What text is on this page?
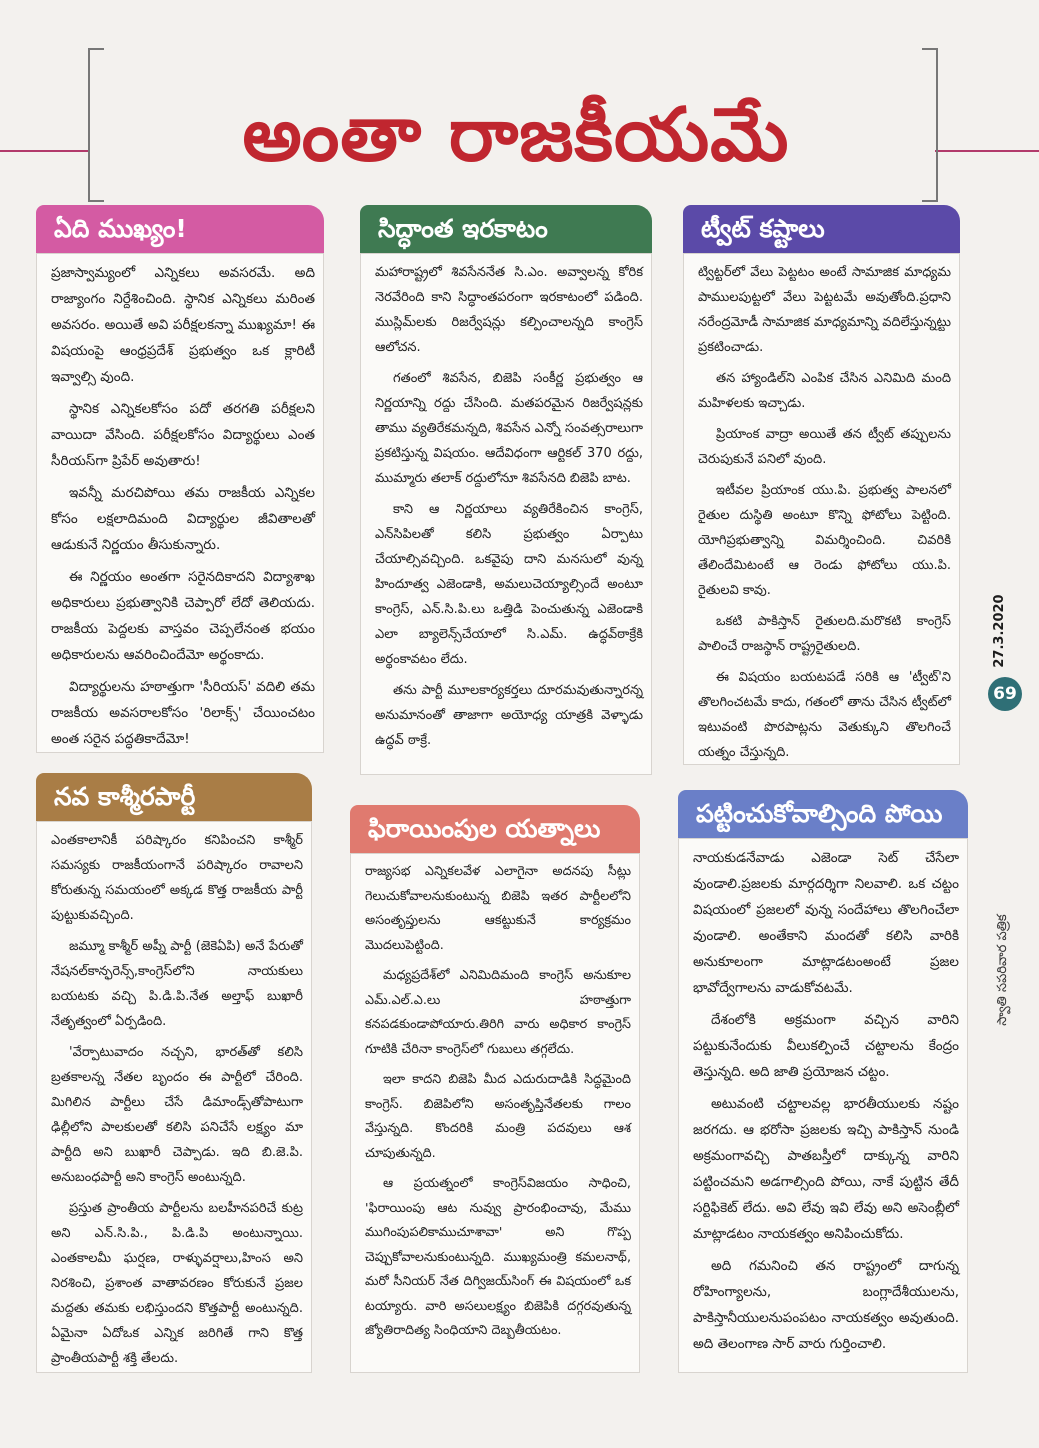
అంతా రాజకీయమే
ఏది ముఖ్యం!

ప్రజాస్వామ్యంలో ఎన్నికలు అవసరమే. అది రాజ్యాంగం నిర్దేశించింది. స్థానిక ఎన్నికలు మరింత అవసరం. అయితే అవి పరీక్షలకన్నా ముఖ్యమా! ఈ విషయంపై ఆంధ్రప్రదేశ్ ప్రభుత్వం ఒక క్లారిటీ ఇవ్వాల్సి వుంది.

స్థానిక ఎన్నికలకోసం పదో తరగతి పరీక్షలని వాయిదా వేసింది. పరీక్షలకోసం విద్యార్థులు ఎంత సీరియస్‌గా ప్రిపేర్ అవుతారు!

ఇవన్నీ మరచిపోయి తమ రాజకీయ ఎన్నికల కోసం లక్షలాదిమంది విద్యార్థుల జీవితాలతో ఆడుకునే నిర్ణయం తీసుకున్నారు.

ఈ నిర్ణయం అంతగా సరైనదికాదని విద్యాశాఖ అధికారులు ప్రభుత్వానికి చెప్పారో లేదో తెలియదు. రాజకీయ పెద్దలకు వాస్తవం చెప్పలేనంత భయం అధికారులను ఆవరించిందేమో అర్థంకాదు.

విద్యార్థులను హఠాత్తుగా 'సీరియస్' వదిలి తమ రాజకీయ అవసరాలకోసం 'రిలాక్స్' చేయించటం అంత సరైన పద్ధతికాదేమో!

సిద్ధాంత ఇరకాటం

మహారాష్ట్రలో శివసేననేత సి.ఎం. అవ్వాలన్న కోరిక నెరవేరింది కాని సిద్ధాంతపరంగా ఇరకాటంలో పడింది. ముస్లిమ్‌లకు రిజర్వేషన్లు కల్పించాలన్నది కాంగ్రెస్ ఆలోచన.

గతంలో శివసేన, బిజెపి సంకీర్ణ ప్రభుత్వం ఆ నిర్ణయాన్ని రద్దు చేసింది. మతపరమైన రిజర్వేషన్లకు తాము వ్యతిరేకమన్నది, శివసేన ఎన్నో సంవత్సరాలుగా ప్రకటిస్తున్న విషయం. ఆదేవిధంగా ఆర్టికల్ 370 రద్దు, ముమ్మారు తలాక్ రద్దులోనూ శివసేనది బిజెపి బాట.

కాని ఆ నిర్ణయాలు వ్యతిరేకించిన కాంగ్రెస్, ఎన్‌సిపిలతో కలిసి ప్రభుత్వం ఏర్పాటు చేయాల్సివచ్చింది. ఒకవైపు దాని మనసులో వున్న హిందూత్వ ఎజెండాకి, అమలుచెయ్యాల్సిందే అంటూ కాంగ్రెస్, ఎన్.సి.పి.లు ఒత్తిడి పెంచుతున్న ఎజెండాకి ఎలా బ్యాలెన్స్‌చేయాలో సి.ఎమ్. ఉద్ధవ్‌ఠాక్రేకి అర్థంకావటం లేదు.

తను పార్టీ మూలకార్యకర్తలు దూరమవుతున్నారన్న అనుమానంతో తాజాగా అయోధ్య యాత్రకి వెళ్ళాడు ఉద్ధవ్ ఠాక్రే.

ట్వీట్ కష్టాలు

ట్విట్టర్‌లో వేలు పెట్టటం అంటే సామాజిక మాధ్యమ పాములపుట్టలో వేలు పెట్టటమే అవుతోంది.ప్రధాని నరేంద్రమోడీ సామాజిక మాధ్యమాన్ని వదిలేస్తున్నట్టు ప్రకటించాడు.

తన హ్యాండిల్‌ని ఎంపిక చేసిన ఎనిమిది మంది మహిళలకు ఇచ్చాడు.

ప్రియాంక వాద్రా అయితే తన ట్వీట్ తప్పులను చెరుపుకునే పనిలో వుంది.

ఇటీవల ప్రియాంక యు.పి. ప్రభుత్వ పాలనలో రైతుల దుస్థితి అంటూ కొన్ని ఫోటోలు పెట్టింది. యోగిప్రభుత్వాన్ని విమర్శించింది. చివరికి తేలిందేమిటంటే ఆ రెండు ఫోటోలు యు.పి. రైతులవి కావు.

ఒకటి పాకిస్తాన్ రైతులది.మరొకటి కాంగ్రెస్ పాలించే రాజస్థాన్ రాష్ట్రరైతులది.

ఈ విషయం బయటపడే సరికి ఆ 'ట్వీట్'ని తొలగించటమే కాదు, గతంలో తాను చేసిన ట్వీట్‌లో ఇటువంటి పొరపాట్లను వెతుక్కుని తొలగించే యత్నం చేస్తున్నది.

నవ కాశ్మీరపార్టీ

ఎంతకాలానికీ పరిష్కారం కనిపించని కాశ్మీర్ సమస్యకు రాజకీయంగానే పరిష్కారం రావాలని కోరుతున్న సమయంలో అక్కడ కొత్త రాజకీయ పార్టీ పుట్టుకువచ్చింది.

జమ్మూ కాశ్మీర్ అప్నీ పార్టీ (జెకెఏపి) అనే పేరుతో నేషనల్‌కాన్ఫరెన్స్,కాంగ్రెస్‌లోని నాయకులు బయటకు వచ్చి పి.డి.పి.నేత అల్తాఫ్ బుఖారీ నేతృత్వంలో ఏర్పడింది.

'వేర్పాటువాదం నచ్చని, భారత్‌తో కలిసి బ్రతకాలన్న నేతల బృందం ఈ పార్టీలో చేరింది. మిగిలిన పార్టీలు చేసే డిమాండ్స్‌తోపాటుగా ఢిల్లీలోని పాలకులతో కలిసి పనిచేసే లక్ష్యం మా పార్టీది అని బుఖారీ చెప్పాడు. ఇది బి.జె.పి. అనుబంధపార్టీ అని కాంగ్రెస్ అంటున్నది.

ప్రస్తుత ప్రాంతీయ పార్టీలను బలహీనపరిచే కుట్ర అని ఎన్.సి.పి., పి.డి.పి అంటున్నాయి. ఎంతకాలమీ ఘర్షణ, రాళ్ళువర్షాలు,హింస అని నిరశించి, ప్రశాంత వాతావరణం కోరుకునే ప్రజల మద్దతు తమకు లభిస్తుందని కొత్తపార్టీ అంటున్నది. ఏమైనా ఏదోఒక ఎన్నిక జరిగితే గాని కొత్త ప్రాంతీయపార్టీ శక్తి తేలదు.

ఫిరాయింపుల యత్నాలు

రాజ్యసభ ఎన్నికలవేళ ఎలాగైనా అదనపు సీట్లు గెలుచుకోవాలనుకుంటున్న బిజెపి ఇతర పార్టీలలోని అసంతృప్తులను ఆకట్టుకునే కార్యక్రమం మొదలుపెట్టింది.

మధ్యప్రదేశ్‌లో ఎనిమిదిమంది కాంగ్రెస్ అనుకూల ఎమ్.ఎల్.ఎ.లు హఠాత్తుగా కనపడకుండాపోయారు.తిరిగి వారు అధికార కాంగ్రెస్ గూటికి చేరినా కాంగ్రెస్‌లో గుబులు తగ్గలేదు.

ఇలా కాదని బిజెపి మీద ఎదురుదాడికి సిద్ధమైంది కాంగ్రెస్. బిజెపిలోని అసంతృప్తినేతలకు గాలం వేస్తున్నది. కొందరికి మంత్రి పదవులు ఆశ చూపుతున్నది.

ఆ ప్రయత్నంలో కాంగ్రెస్‌విజయం సాధించి, 'ఫిరాయింపు ఆట నువ్వు ప్రారంభించావు, మేము ముగింపుపలికాముచూశావా' అని గొప్ప చెప్పుకోవాలనుకుంటున్నది. ముఖ్యమంత్రి కమలనాథ్, మరో సీనియర్ నేత దిగ్విజయ్‌సింగ్ ఈ విషయంలో ఒక టయ్యారు. వారి అసలులక్ష్యం బిజెపికి దగ్గరవుతున్న జ్యోతిరాదిత్య సింధియాని దెబ్బతీయటం.

పట్టించుకోవాల్సింది పోయి

నాయకుడనేవాడు ఎజెండా సెట్ చేసేలా వుండాలి.ప్రజలకు మార్గదర్శిగా నిలవాలి. ఒక చట్టం విషయంలో ప్రజలలో వున్న సందేహాలు తొలగించేలా వుండాలి. అంతేకాని మందతో కలిసి వారికి అనుకూలంగా మాట్లాడటంఅంటే ప్రజల భావోద్వేగాలను వాడుకోవటమే.

దేశంలోకి అక్రమంగా వచ్చిన వారిని పట్టుకునేందుకు వీలుకల్పించే చట్టాలను కేంద్రం తెస్తున్నది. అది జాతి ప్రయోజన చట్టం.

అటువంటి చట్టాలవల్ల భారతీయులకు నష్టం జరగదు. ఆ భరోసా ప్రజలకు ఇచ్చి పాకిస్తాన్ నుండి అక్రమంగావచ్చి పాతబస్తీలో దాక్కున్న వారిని పట్టించమని అడగాల్సింది పోయి, నాకే పుట్టిన తేదీ సర్టిఫికెట్ లేదు. అవి లేవు ఇవి లేవు అని అసెంబ్లీలో మాట్లాడటం నాయకత్వం అనిపించుకోదు.

అది గమనించి తన రాష్ట్రంలో దాగున్న రోహింగ్యాలను, బంగ్లాదేశీయులను, పాకిస్తానీయులనుపంపటం నాయకత్వం అవుతుంది. అది తెలంగాణ సార్ వారు గుర్తించాలి.

27.3.2020
69
స్వాతి సపరివార పత్రిక
